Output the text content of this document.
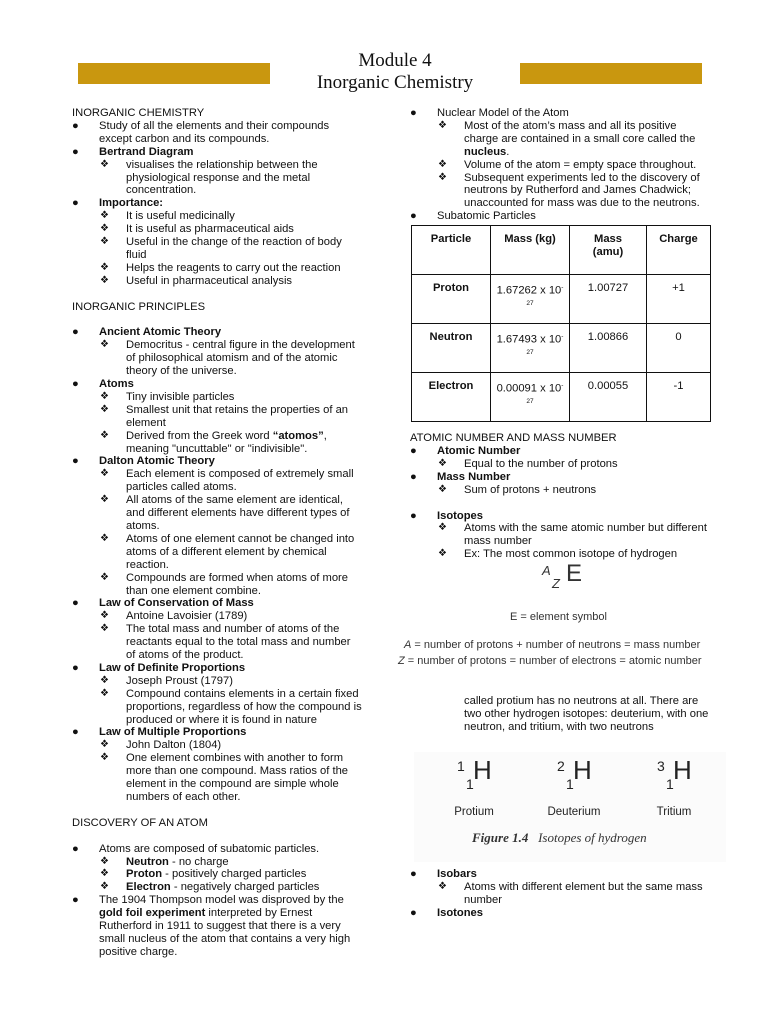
Module 4
Inorganic Chemistry
INORGANIC CHEMISTRY
● Study of all the elements and their compounds except carbon and its compounds.
● Bertrand Diagram
❖ visualises the relationship between the physiological response and the metal concentration.
● Importance:
❖ It is useful medicinally
❖ It is useful as pharmaceutical aids
❖ Useful in the change of the reaction of body fluid
❖ Helps the reagents to carry out the reaction
❖ Useful in pharmaceutical analysis
INORGANIC PRINCIPLES
● Ancient Atomic Theory
❖ Democritus - central figure in the development of philosophical atomism and of the atomic theory of the universe.
● Atoms
❖ Tiny invisible particles
❖ Smallest unit that retains the properties of an element
❖ Derived from the Greek word “atomos”, meaning "uncuttable" or "indivisible".
● Dalton Atomic Theory
❖ Each element is composed of extremely small particles called atoms.
❖ All atoms of the same element are identical, and different elements have different types of atoms.
❖ Atoms of one element cannot be changed into atoms of a different element by chemical reaction.
❖ Compounds are formed when atoms of more than one element combine.
● Law of Conservation of Mass
❖ Antoine Lavoisier (1789)
❖ The total mass and number of atoms of the reactants equal to the total mass and number of atoms of the product.
● Law of Definite Proportions
❖ Joseph Proust (1797)
❖ Compound contains elements in a certain fixed proportions, regardless of how the compound is produced or where it is found in nature
● Law of Multiple Proportions
❖ John Dalton (1804)
❖ One element combines with another to form more than one compound. Mass ratios of the element in the compound are simple whole numbers of each other.
DISCOVERY OF AN ATOM
● Atoms are composed of subatomic particles.
❖ Neutron - no charge
❖ Proton - positively charged particles
❖ Electron - negatively charged particles
● The 1904 Thompson model was disproved by the gold foil experiment interpreted by Ernest Rutherford in 1911 to suggest that there is a very small nucleus of the atom that contains a very high positive charge.
● Nuclear Model of the Atom
❖ Most of the atom’s mass and all its positive charge are contained in a small core called the nucleus.
❖ Volume of the atom = empty space throughout.
❖ Subsequent experiments led to the discovery of neutrons by Rutherford and James Chadwick; unaccounted for mass was due to the neutrons.
● Subatomic Particles
Particle	Mass (kg)	Mass (amu)	Charge
Proton	1.67262 x $10^{-27}$	1.00727	+1
Neutron	1.67493 x $10^{-27}$	1.00866	0
Electron	0.00091 x $10^{-27}$	0.00055	-1
ATOMIC NUMBER AND MASS NUMBER
● Atomic Number
❖ Equal to the number of protons
● Mass Number
❖ Sum of protons + neutrons
● Isotopes
❖ Atoms with the same atomic number but different mass number
❖ Ex: The most common isotope of hydrogen
A
Z E
E = element symbol
A = number of protons + number of neutrons = mass number
Z = number of protons = number of electrons = atomic number
called protium has no neutrons at all. There are two other hydrogen isotopes: deuterium, with one neutron, and tritium, with two neutrons
1
1 H
Protium
2
1 H
Deuterium
3
1 H
Tritium
Figure 1.4 Isotopes of hydrogen
● Isobars
❖ Atoms with different element but the same mass number
● Isotones
